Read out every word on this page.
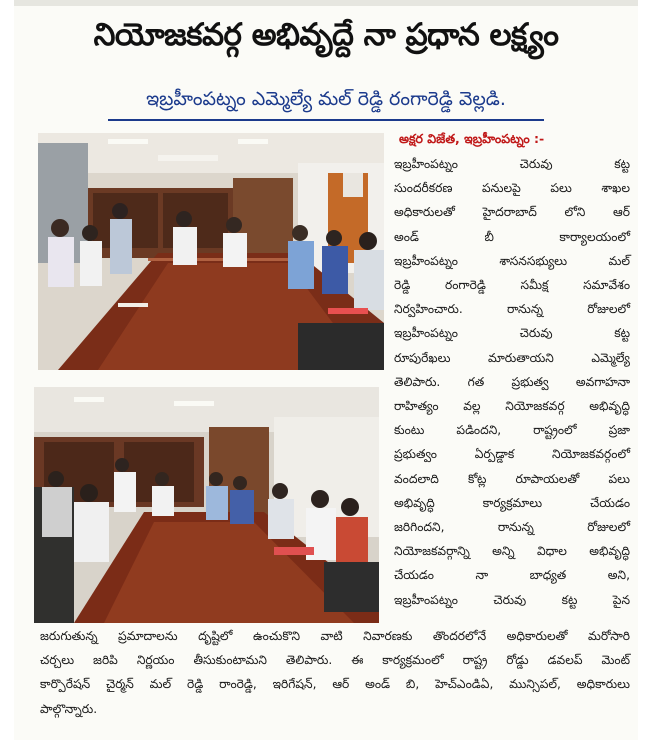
నియోజకవర్గ అభివృద్దే నా ప్రధాన లక్ష్యం
ఇబ్రహీంపట్నం ఎమ్మెల్యే మల్ రెడ్డి రంగారెడ్డి వెల్లడి.
అక్షర విజేత, ఇబ్రహీంపట్నం :-
ఇబ్రహీంపట్నం చెరువు కట్ట
సుందరీకరణ పనులపై పలు శాఖల
అధికారులతో హైదరాబాద్ లోని ఆర్
అండ్ బీ కార్యాలయంలో
ఇబ్రహీంపట్నం శాసనసభ్యులు మల్
రెడ్డి రంగారెడ్డి సమీక్ష సమావేశం
నిర్వహించారు. రానున్న రోజులలో
ఇబ్రహీంపట్నం చెరువు కట్ట
రూపురేఖలు మారుతాయని ఎమ్మెల్యే
తెలిపారు. గత ప్రభుత్వ అవగాహనా
రాహిత్యం వల్ల నియోజకవర్గ అభివృద్ధి
కుంటు పడిందని, రాష్ట్రంలో ప్రజా
ప్రభుత్వం ఏర్పడ్డాక నియోజకవర్గంలో
వందలాది కోట్ల రూపాయలతో పలు
అభివృద్ధి కార్యక్రమాలు చేయడం
జరిగిందని, రానున్న రోజులలో
నియోజకవర్గాన్ని అన్ని విధాల అభివృద్ధి
చేయడం నా బాధ్యత అని,
ఇబ్రహీంపట్నం చెరువు కట్ట పైన
జరుగుతున్న ప్రమాదాలను దృష్టిలో ఉంచుకొని వాటి నివారణకు తొందరలోనే అధికారులతో మరోసారి
చర్చలు జరిపి నిర్ణయం తీసుకుంటామని తెలిపారు. ఈ కార్యక్రమంలో రాష్ట్ర రోడ్డు డవలప్ మెంట్
కార్పొరేషన్ చైర్మన్ మల్ రెడ్డి రాంరెడ్డి, ఇరిగేషన్, ఆర్ అండ్ బి, హెచ్ఎండిఏ, మున్సిపల్, అధికారులు
పాల్గొన్నారు.
